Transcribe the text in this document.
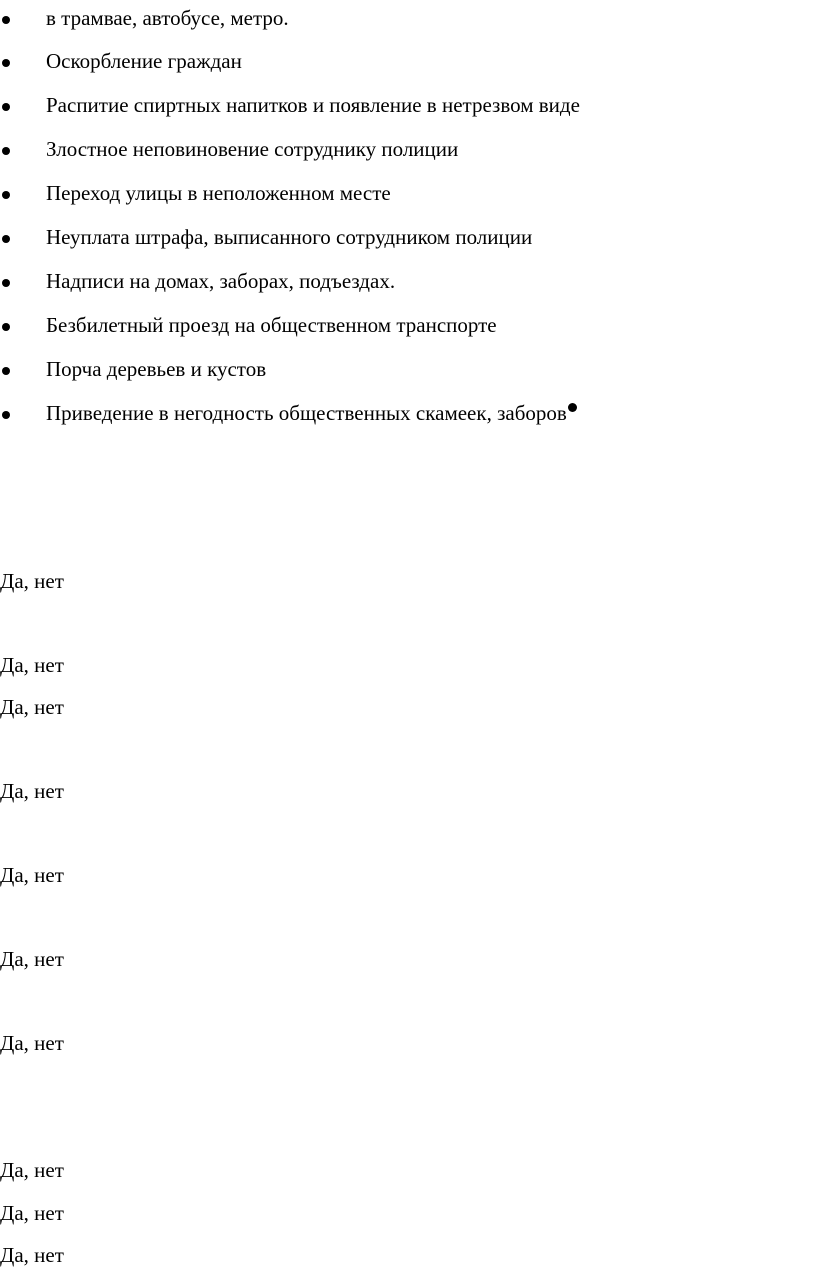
в трамвае, автобусе, метро.
Оскорбление граждан
Распитие спиртных напитков и появление в нетрезвом виде
Злостное неповиновение сотруднику полиции
Переход улицы в неположенном месте
Неуплата штрафа, выписанного сотрудником полиции
Надписи на домах, заборах, подъездах.
Безбилетный проезд на общественном транспорте
Порча деревьев и кустов
Приведение в негодность общественных скамеек, заборов
Да, нет
Да, нет
Да, нет
Да, нет
Да, нет
Да, нет
Да, нет
Да, нет
Да, нет
Да, нет
